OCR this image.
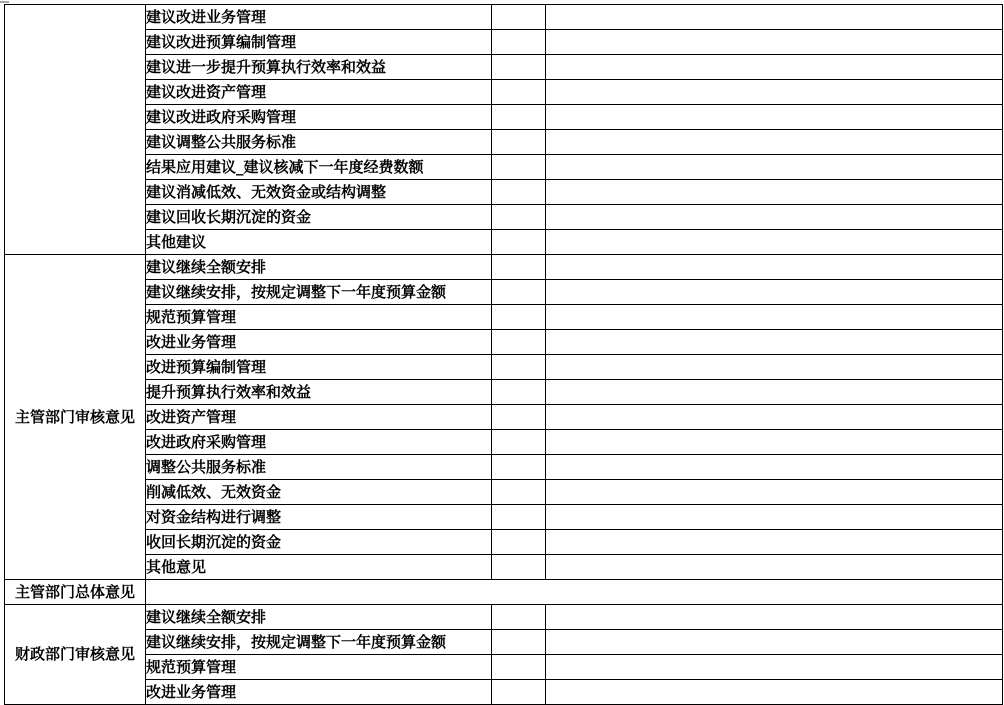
	建议改进业务管理		
	建议改进预算编制管理		
	建议进一步提升预算执行效率和效益		
	建议改进资产管理		
	建议改进政府采购管理		
	建议调整公共服务标准		
	结果应用建议_建议核减下一年度经费数额		
	建议消减低效、无效资金或结构调整		
	建议回收长期沉淀的资金		
	其他建议		
主管部门审核意见	建议继续全额安排		
	建议继续安排，按规定调整下一年度预算金额		
	规范预算管理		
	改进业务管理		
	改进预算编制管理		
	提升预算执行效率和效益		
	改进资产管理		
	改进政府采购管理		
	调整公共服务标准		
	削减低效、无效资金		
	对资金结构进行调整		
	收回长期沉淀的资金		
	其他意见		
主管部门总体意见			
财政部门审核意见	建议继续全额安排		
	建议继续安排，按规定调整下一年度预算金额		
	规范预算管理		
	改进业务管理		
